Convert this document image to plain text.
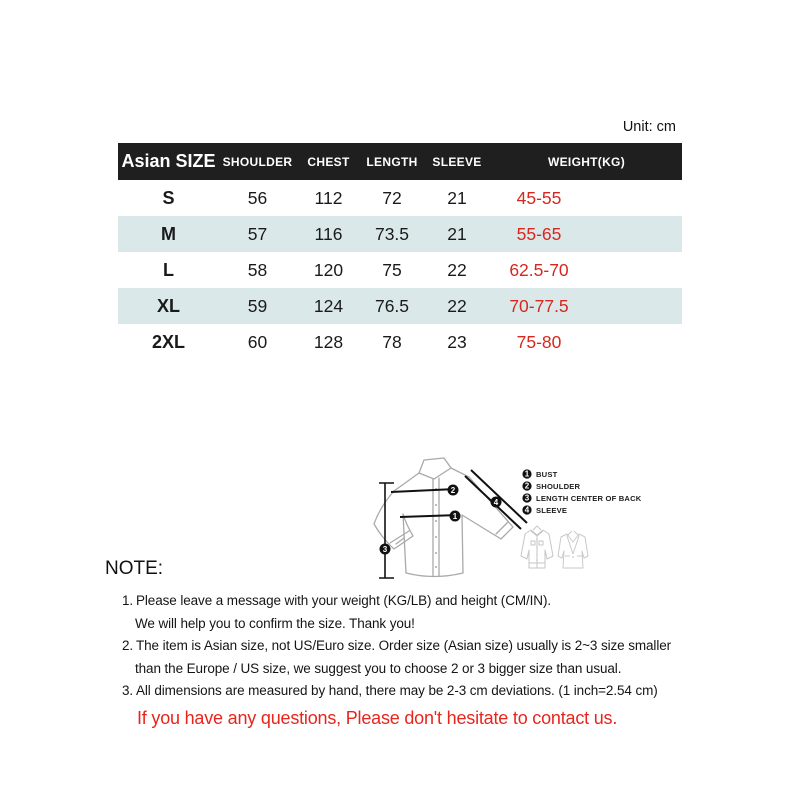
Unit: cm
Asian SIZE	SHOULDER	CHEST	LENGTH	SLEEVE	WEIGHT(KG)
S	56	112	72	21	45-55
M	57	116	73.5	21	55-65
L	58	120	75	22	62.5-70
XL	59	124	76.5	22	70-77.5
2XL	60	128	78	23	75-80
1
2
3
4
1 BUST
2 SHOULDER
3 LENGTH CENTER OF BACK
4 SLEEVE
NOTE:
1. Please leave a message with your weight (KG/LB) and height (CM/IN).
We will help you to confirm the size. Thank you!
2. The item is Asian size, not US/Euro size. Order size (Asian size) usually is 2~3 size smaller
than the Europe / US size, we suggest you to choose 2 or 3 bigger size than usual.
3. All dimensions are measured by hand, there may be 2-3 cm deviations. (1 inch=2.54 cm)
If you have any questions, Please don't hesitate to contact us.
